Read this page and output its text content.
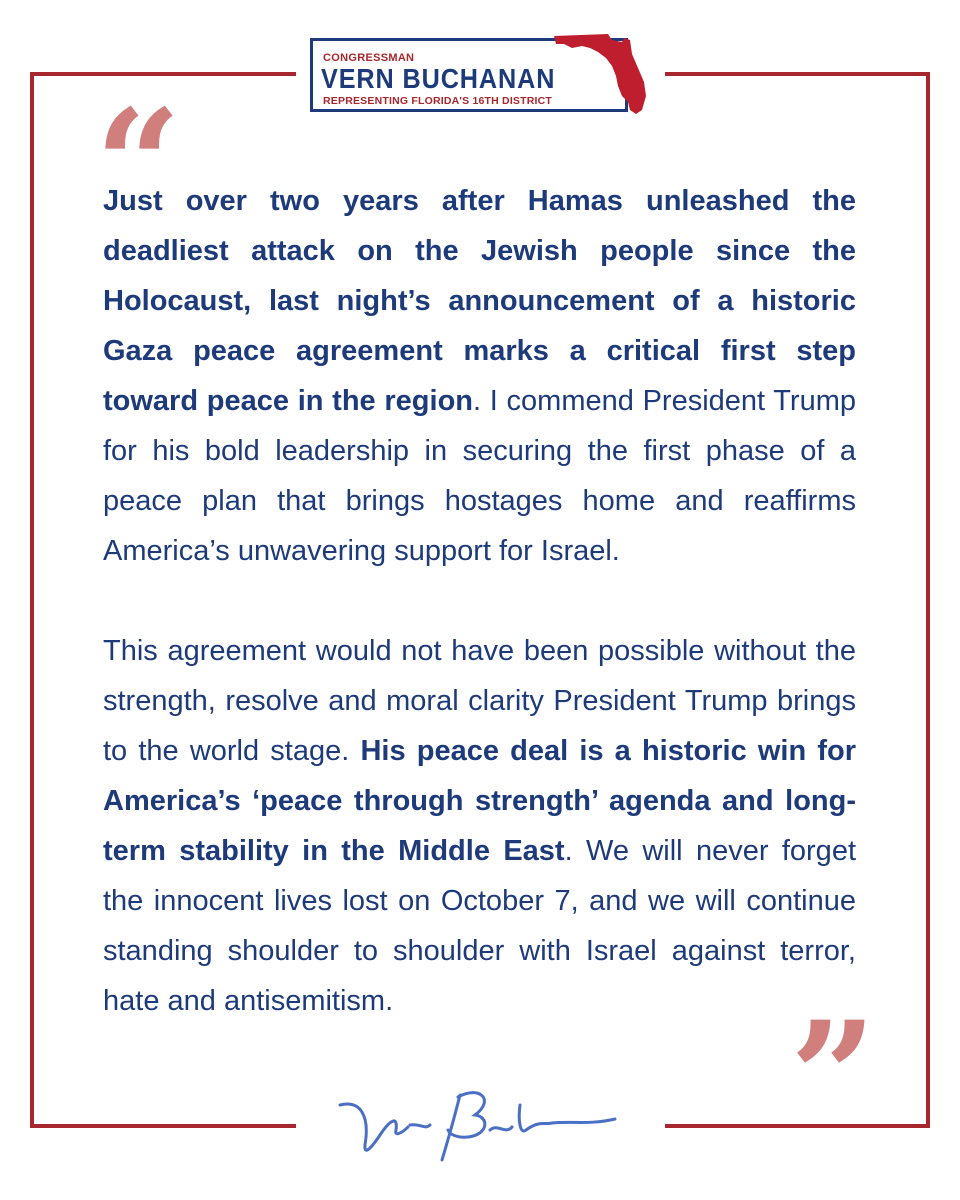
CONGRESSMAN
VERN BUCHANAN
REPRESENTING FLORIDA'S 16TH DISTRICT
“

Just over two years after Hamas unleashed the deadliest attack on the Jewish people since the Holocaust, last night’s announcement of a historic Gaza peace agreement marks a critical first step toward peace in the region. I commend President Trump for his bold leadership in securing the first phase of a peace plan that brings hostages home and reaffirms America’s unwavering support for Israel.

This agreement would not have been possible without the strength, resolve and moral clarity President Trump brings to the world stage. His peace deal is a historic win for America’s ‘peace through strength’ agenda and long-term stability in the Middle East. We will never forget the innocent lives lost on October 7, and we will continue standing shoulder to shoulder with Israel against terror, hate and antisemitism.	”
